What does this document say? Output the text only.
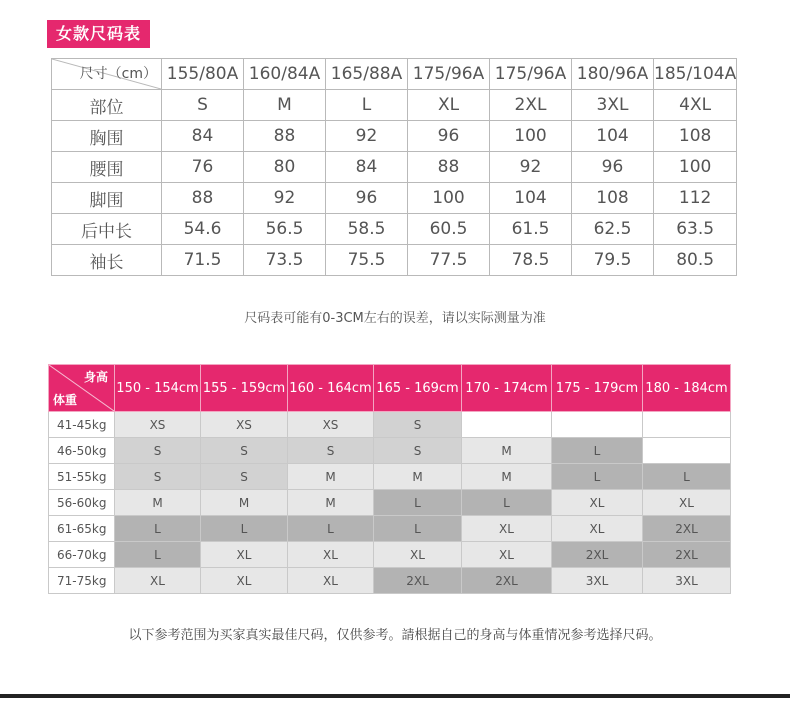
女款尺码表
尺寸（cm）	155/80A	160/84A	165/88A	175/96A	175/96A	180/96A	185/104A
部位	S	M	L	XL	2XL	3XL	4XL
胸围	84	88	92	96	100	104	108
腰围	76	80	84	88	92	96	100
脚围	88	92	96	100	104	108	112
后中长	54.6	56.5	58.5	60.5	61.5	62.5	63.5
袖长	71.5	73.5	75.5	77.5	78.5	79.5	80.5
尺码表可能有0-3CM左右的误差，请以实际测量为准
身高
体重	150 - 154cm	155 - 159cm	160 - 164cm	165 - 169cm	170 - 174cm	175 - 179cm	180 - 184cm
41-45kg	XS	XS	XS	S			
46-50kg	S	S	S	S	M	L	
51-55kg	S	S	M	M	M	L	L
56-60kg	M	M	M	L	L	XL	XL
61-65kg	L	L	L	L	XL	XL	2XL
66-70kg	L	XL	XL	XL	XL	2XL	2XL
71-75kg	XL	XL	XL	2XL	2XL	3XL	3XL
以下参考范围为买家真实最佳尺码，仅供参考。請根据自己的身高与体重情况参考选择尺码。
